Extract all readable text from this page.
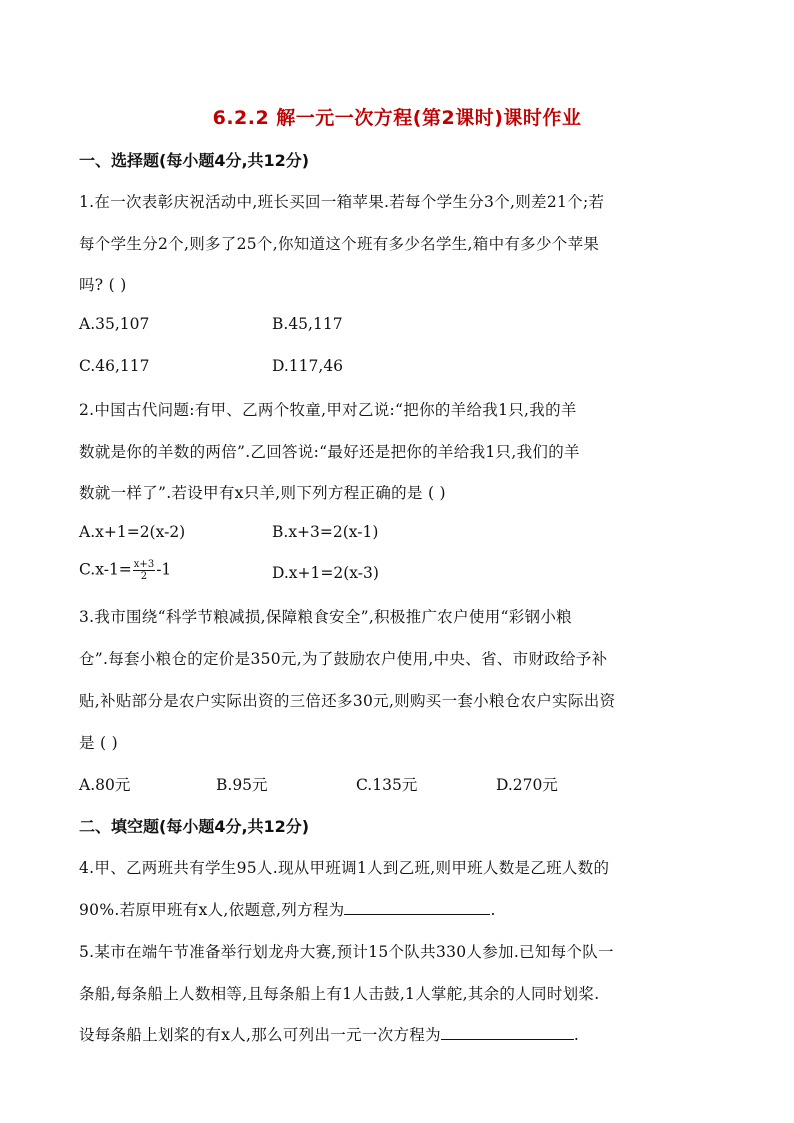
6.2.2 解一元一次方程(第2课时)课时作业
一、选择题(每小题4分,共12分)
1.在一次表彰庆祝活动中,班长买回一箱苹果.若每个学生分3个,则差21个;若
每个学生分2个,则多了25个,你知道这个班有多少名学生,箱中有多少个苹果
吗? ( )
A.35,107	B.45,117
C.46,117	D.117,46
2.中国古代问题:有甲、乙两个牧童,甲对乙说:“把你的羊给我1只,我的羊
数就是你的羊数的两倍”.乙回答说:“最好还是把你的羊给我1只,我们的羊
数就一样了”.若设甲有x只羊,则下列方程正确的是 ( )
A.x+1=2(x-2)	B.x+3=2(x-1)
$C.x-1= \frac{x+3}{2} -1$	D.x+1=2(x-3)
3.我市围绕“科学节粮减损,保障粮食安全”,积极推广农户使用“彩钢小粮
仓”.每套小粮仓的定价是350元,为了鼓励农户使用,中央、省、市财政给予补
贴,补贴部分是农户实际出资的三倍还多30元,则购买一套小粮仓农户实际出资
是 ( )
A.80元	B.95元	C.135元	D.270元
二、填空题(每小题4分,共12分)
4.甲、乙两班共有学生95人.现从甲班调1人到乙班,则甲班人数是乙班人数的
90%.若原甲班有x人,依题意,列方程为	.
5.某市在端午节准备举行划龙舟大赛,预计15个队共330人参加.已知每个队一
条船,每条船上人数相等,且每条船上有1人击鼓,1人掌舵,其余的人同时划桨.
设每条船上划桨的有x人,那么可列出一元一次方程为	.
